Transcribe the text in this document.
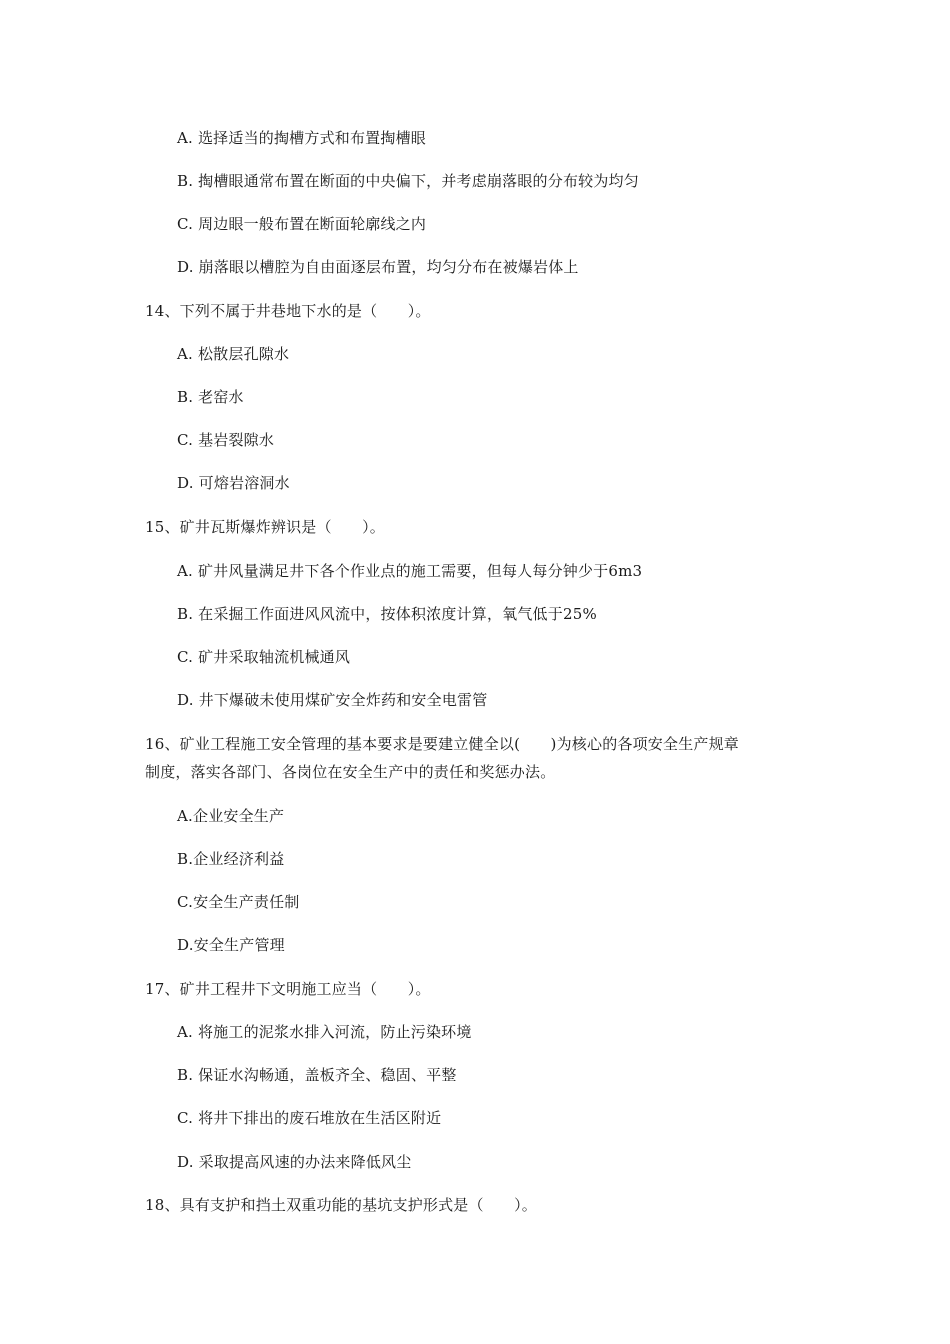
A. 选择适当的掏槽方式和布置掏槽眼
B. 掏槽眼通常布置在断面的中央偏下，并考虑崩落眼的分布较为均匀
C. 周边眼一般布置在断面轮廓线之内
D. 崩落眼以槽腔为自由面逐层布置，均匀分布在被爆岩体上
14、下列不属于井巷地下水的是（　　）。
A. 松散层孔隙水
B. 老窑水
C. 基岩裂隙水
D. 可熔岩溶洞水
15、矿井瓦斯爆炸辨识是（　　）。
A. 矿井风量满足井下各个作业点的施工需要，但每人每分钟少于6m3
B. 在采掘工作面进风风流中，按体积浓度计算，氧气低于25%
C. 矿井采取轴流机械通风
D. 井下爆破未使用煤矿安全炸药和安全电雷管
16、矿业工程施工安全管理的基本要求是要建立健全以(　　)为核心的各项安全生产规章
制度，落实各部门、各岗位在安全生产中的责任和奖惩办法。
A.企业安全生产
B.企业经济利益
C.安全生产责任制
D.安全生产管理
17、矿井工程井下文明施工应当（　　）。
A. 将施工的泥浆水排入河流，防止污染环境
B. 保证水沟畅通，盖板齐全、稳固、平整
C. 将井下排出的废石堆放在生活区附近
D. 采取提高风速的办法来降低风尘
18、具有支护和挡土双重功能的基坑支护形式是（　　）。
